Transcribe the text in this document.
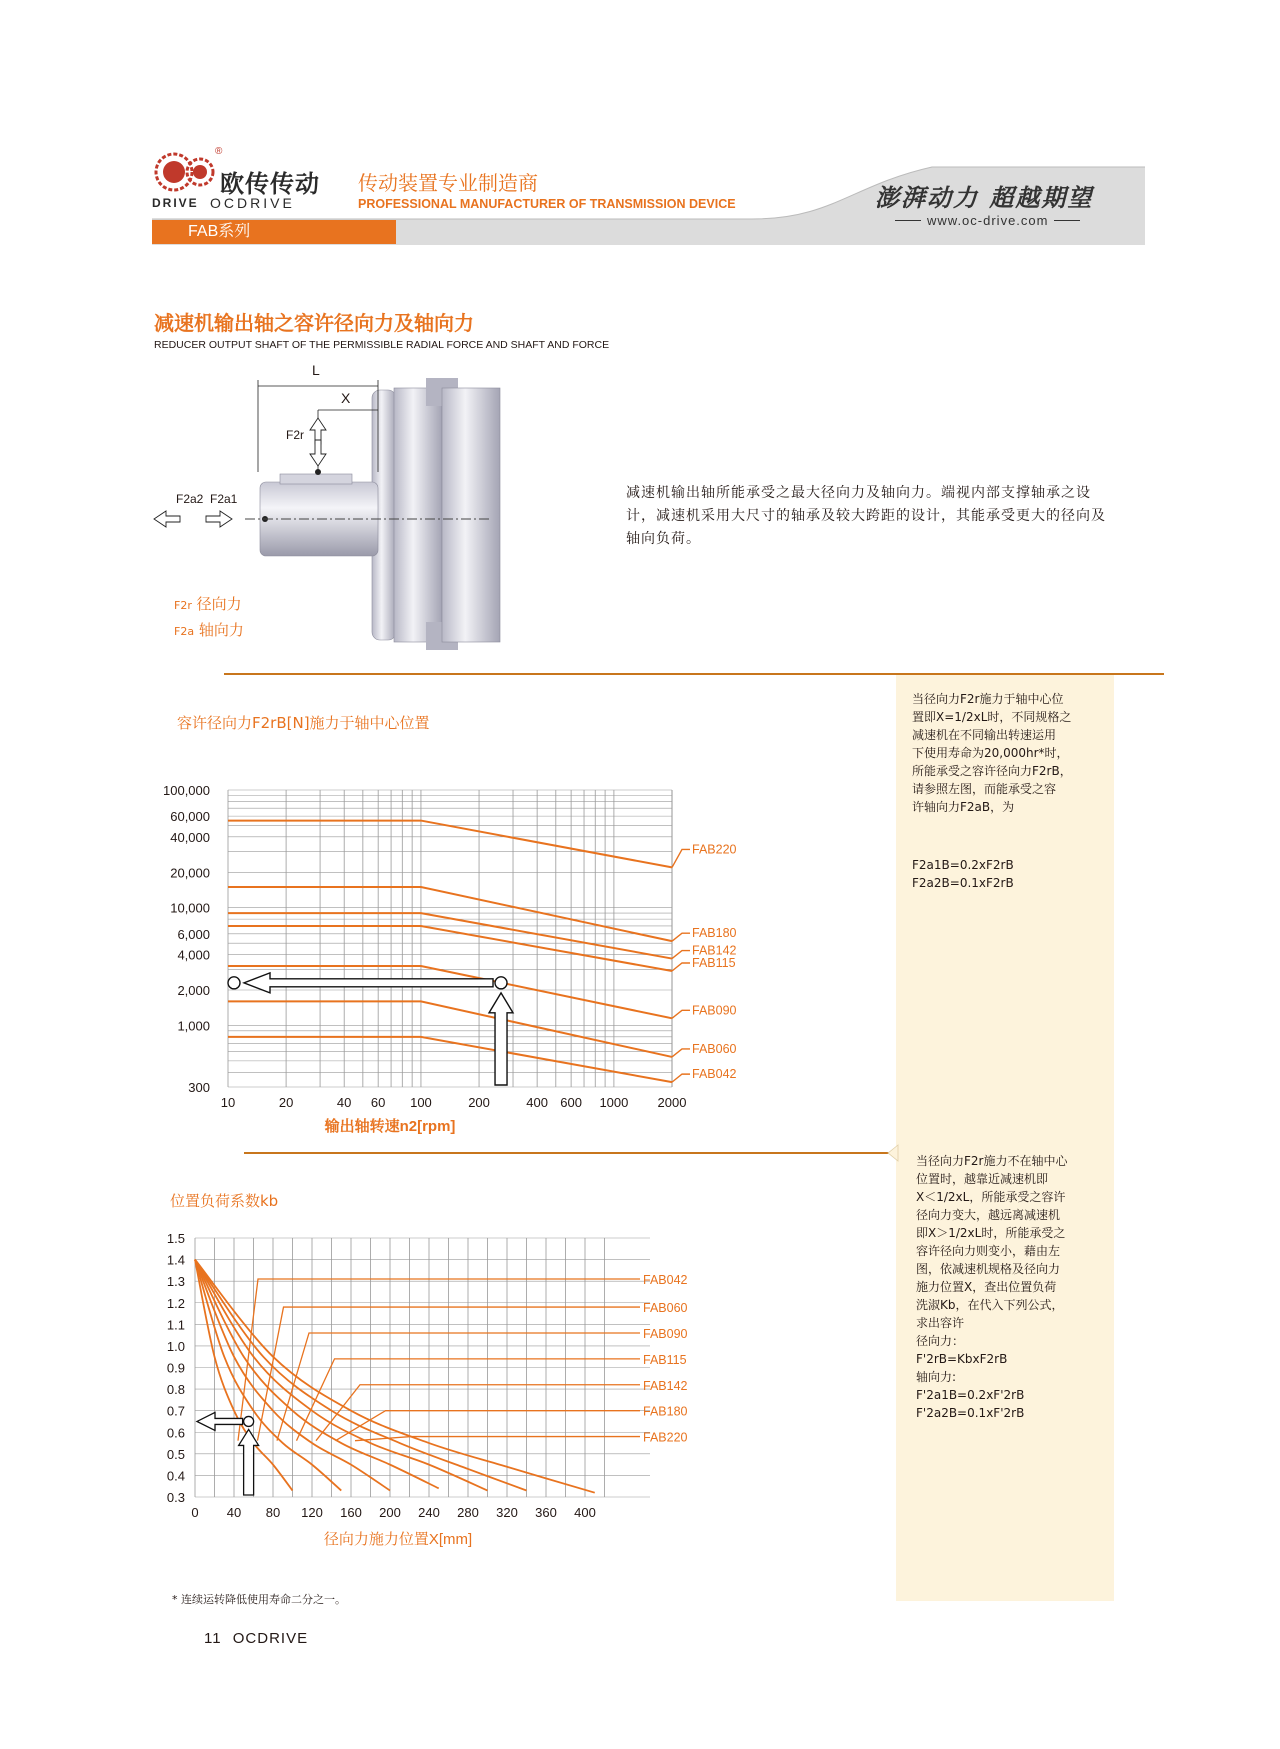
欧传传动
®
DRIVE OCDRIVE
传动装置专业制造商
PROFESSIONAL MANUFACTURER OF TRANSMISSION DEVICE	澎湃动力 超越期望
www.oc-drive.com
FAB系列
减速机输出轴之容许径向力及轴向力
REDUCER OUTPUT SHAFT OF THE PERMISSIBLE RADIAL FORCE AND SHAFT AND FORCE
L
X
F2r
F2a2 F2a1
F2r 径向力
F2a 轴向力
减速机输出轴所能承受之最大径向力及轴向力。端视内部支撑轴承之设计，减速机采用大尺寸的轴承及较大跨距的设计，其能承受更大的径向及轴向负荷。
容许径向力F2rB[N]施力于轴中心位置
10	20	40 60 100	200	400 600 1000 2000
300
1,000
2,000
4,000
6,000
10,000
20,000
40,000
60,000
100,000
输出轴转速n2[rpm]
FAB220
FAB180
FAB142
FAB115
FAB090
FAB060
FAB042
当径向力F2r施力于轴中心位
置即X=1/2xL时，不同规格之
减速机在不同输出转速运用
下使用寿命为20,000hr*时，
所能承受之容许径向力F2rB，
请参照左图，而能承受之容
许轴向力F2aB，为
F2a1B=0.2xF2rB
F2a2B=0.1xF2rB
位置负荷系数kb
0 40 80 120 160 200 240 280 320 360 400
0.3
0.4
0.5
0.6
0.7
0.8
0.9
1.0
1.1
1.2
1.3
1.4
1.5
径向力施力位置X[mm]
FAB042
FAB060
FAB090
FAB115
FAB142
FAB180
FAB220
当径向力F2r施力不在轴中心
位置时，越靠近减速机即
X＜1/2xL，所能承受之容许
径向力变大，越远离减速机
即X＞1/2xL时，所能承受之
容许径向力则变小，藉由左
图，依减速机规格及径向力
施力位置X，查出位置负荷
洗淑Kb，在代入下列公式，
求出容许
径向力：
F'2rB=KbxF2rB
轴向力:
F'2a1B=0.2xF'2rB
F'2a2B=0.1xF'2rB
* 连续运转降低使用寿命二分之一。
11 OCDRIVE
